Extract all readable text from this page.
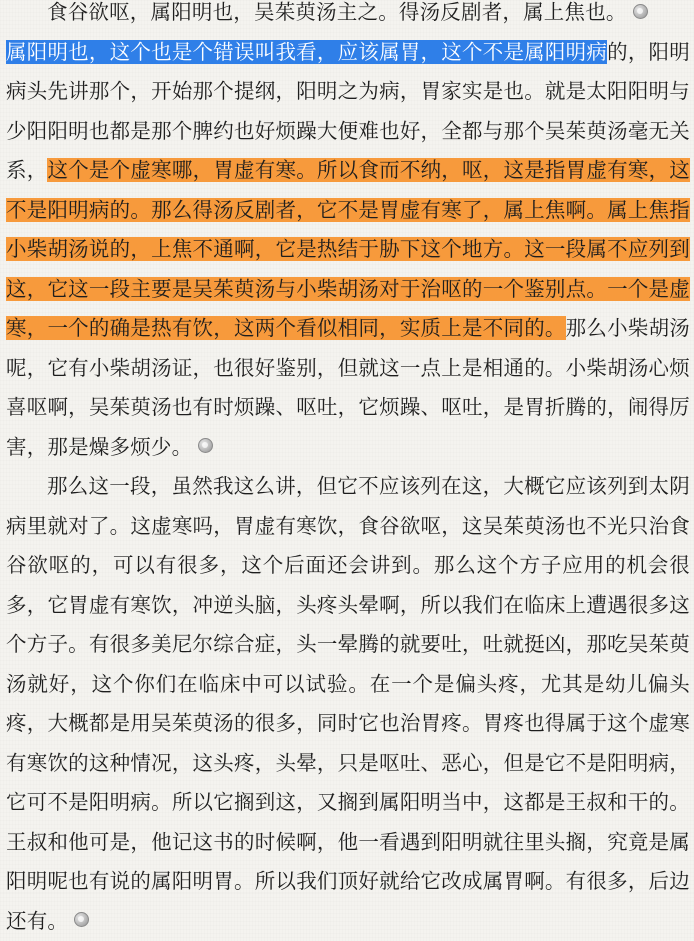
食谷欲呕，属阳明也，吴茱萸汤主之。得汤反剧者，属上焦也。
属阳明也，这个也是个错误叫我看，应该属胃，这个不是属阳明病的，阳明病头先讲那个，开始那个提纲，阳明之为病，胃家实是也。就是太阳阳明与少阳阳明也都是那个脾约也好烦躁大便难也好，全都与那个吴茱萸汤毫无关系，这个是个虚寒哪，胃虚有寒。所以食而不纳，呕，这是指胃虚有寒，这不是阳明病的。那么得汤反剧者，它不是胃虚有寒了，属上焦啊。属上焦指小柴胡汤说的，上焦不通啊，它是热结于胁下这个地方。这一段属不应列到这，它这一段主要是吴茱萸汤与小柴胡汤对于治呕的一个鉴别点。一个是虚寒，一个的确是热有饮，这两个看似相同，实质上是不同的。那么小柴胡汤呢，它有小柴胡汤证，也很好鉴别，但就这一点上是相通的。小柴胡汤心烦喜呕啊，吴茱萸汤也有时烦躁、呕吐，它烦躁、呕吐，是胃折腾的，闹得厉害，那是燥多烦少。

那么这一段，虽然我这么讲，但它不应该列在这，大概它应该列到太阴病里就对了。这虚寒吗，胃虚有寒饮，食谷欲呕，这吴茱萸汤也不光只治食谷欲呕的，可以有很多，这个后面还会讲到。那么这个方子应用的机会很多，它胃虚有寒饮，冲逆头脑，头疼头晕啊，所以我们在临床上遭遇很多这个方子。有很多美尼尔综合症，头一晕腾的就要吐，吐就挺凶，那吃吴茱萸汤就好，这个你们在临床中可以试验。在一个是偏头疼，尤其是幼儿偏头疼，大概都是用吴茱萸汤的很多，同时它也治胃疼。胃疼也得属于这个虚寒有寒饮的这种情况，这头疼，头晕，只是呕吐、恶心，但是它不是阳明病，它可不是阳明病。所以它搁到这，又搁到属阳明当中，这都是王叔和干的。王叔和他可是，他记这书的时候啊，他一看遇到阳明就往里头搁，究竟是属阳明呢也有说的属阳明胃。所以我们顶好就给它改成属胃啊。有很多，后边还有。
